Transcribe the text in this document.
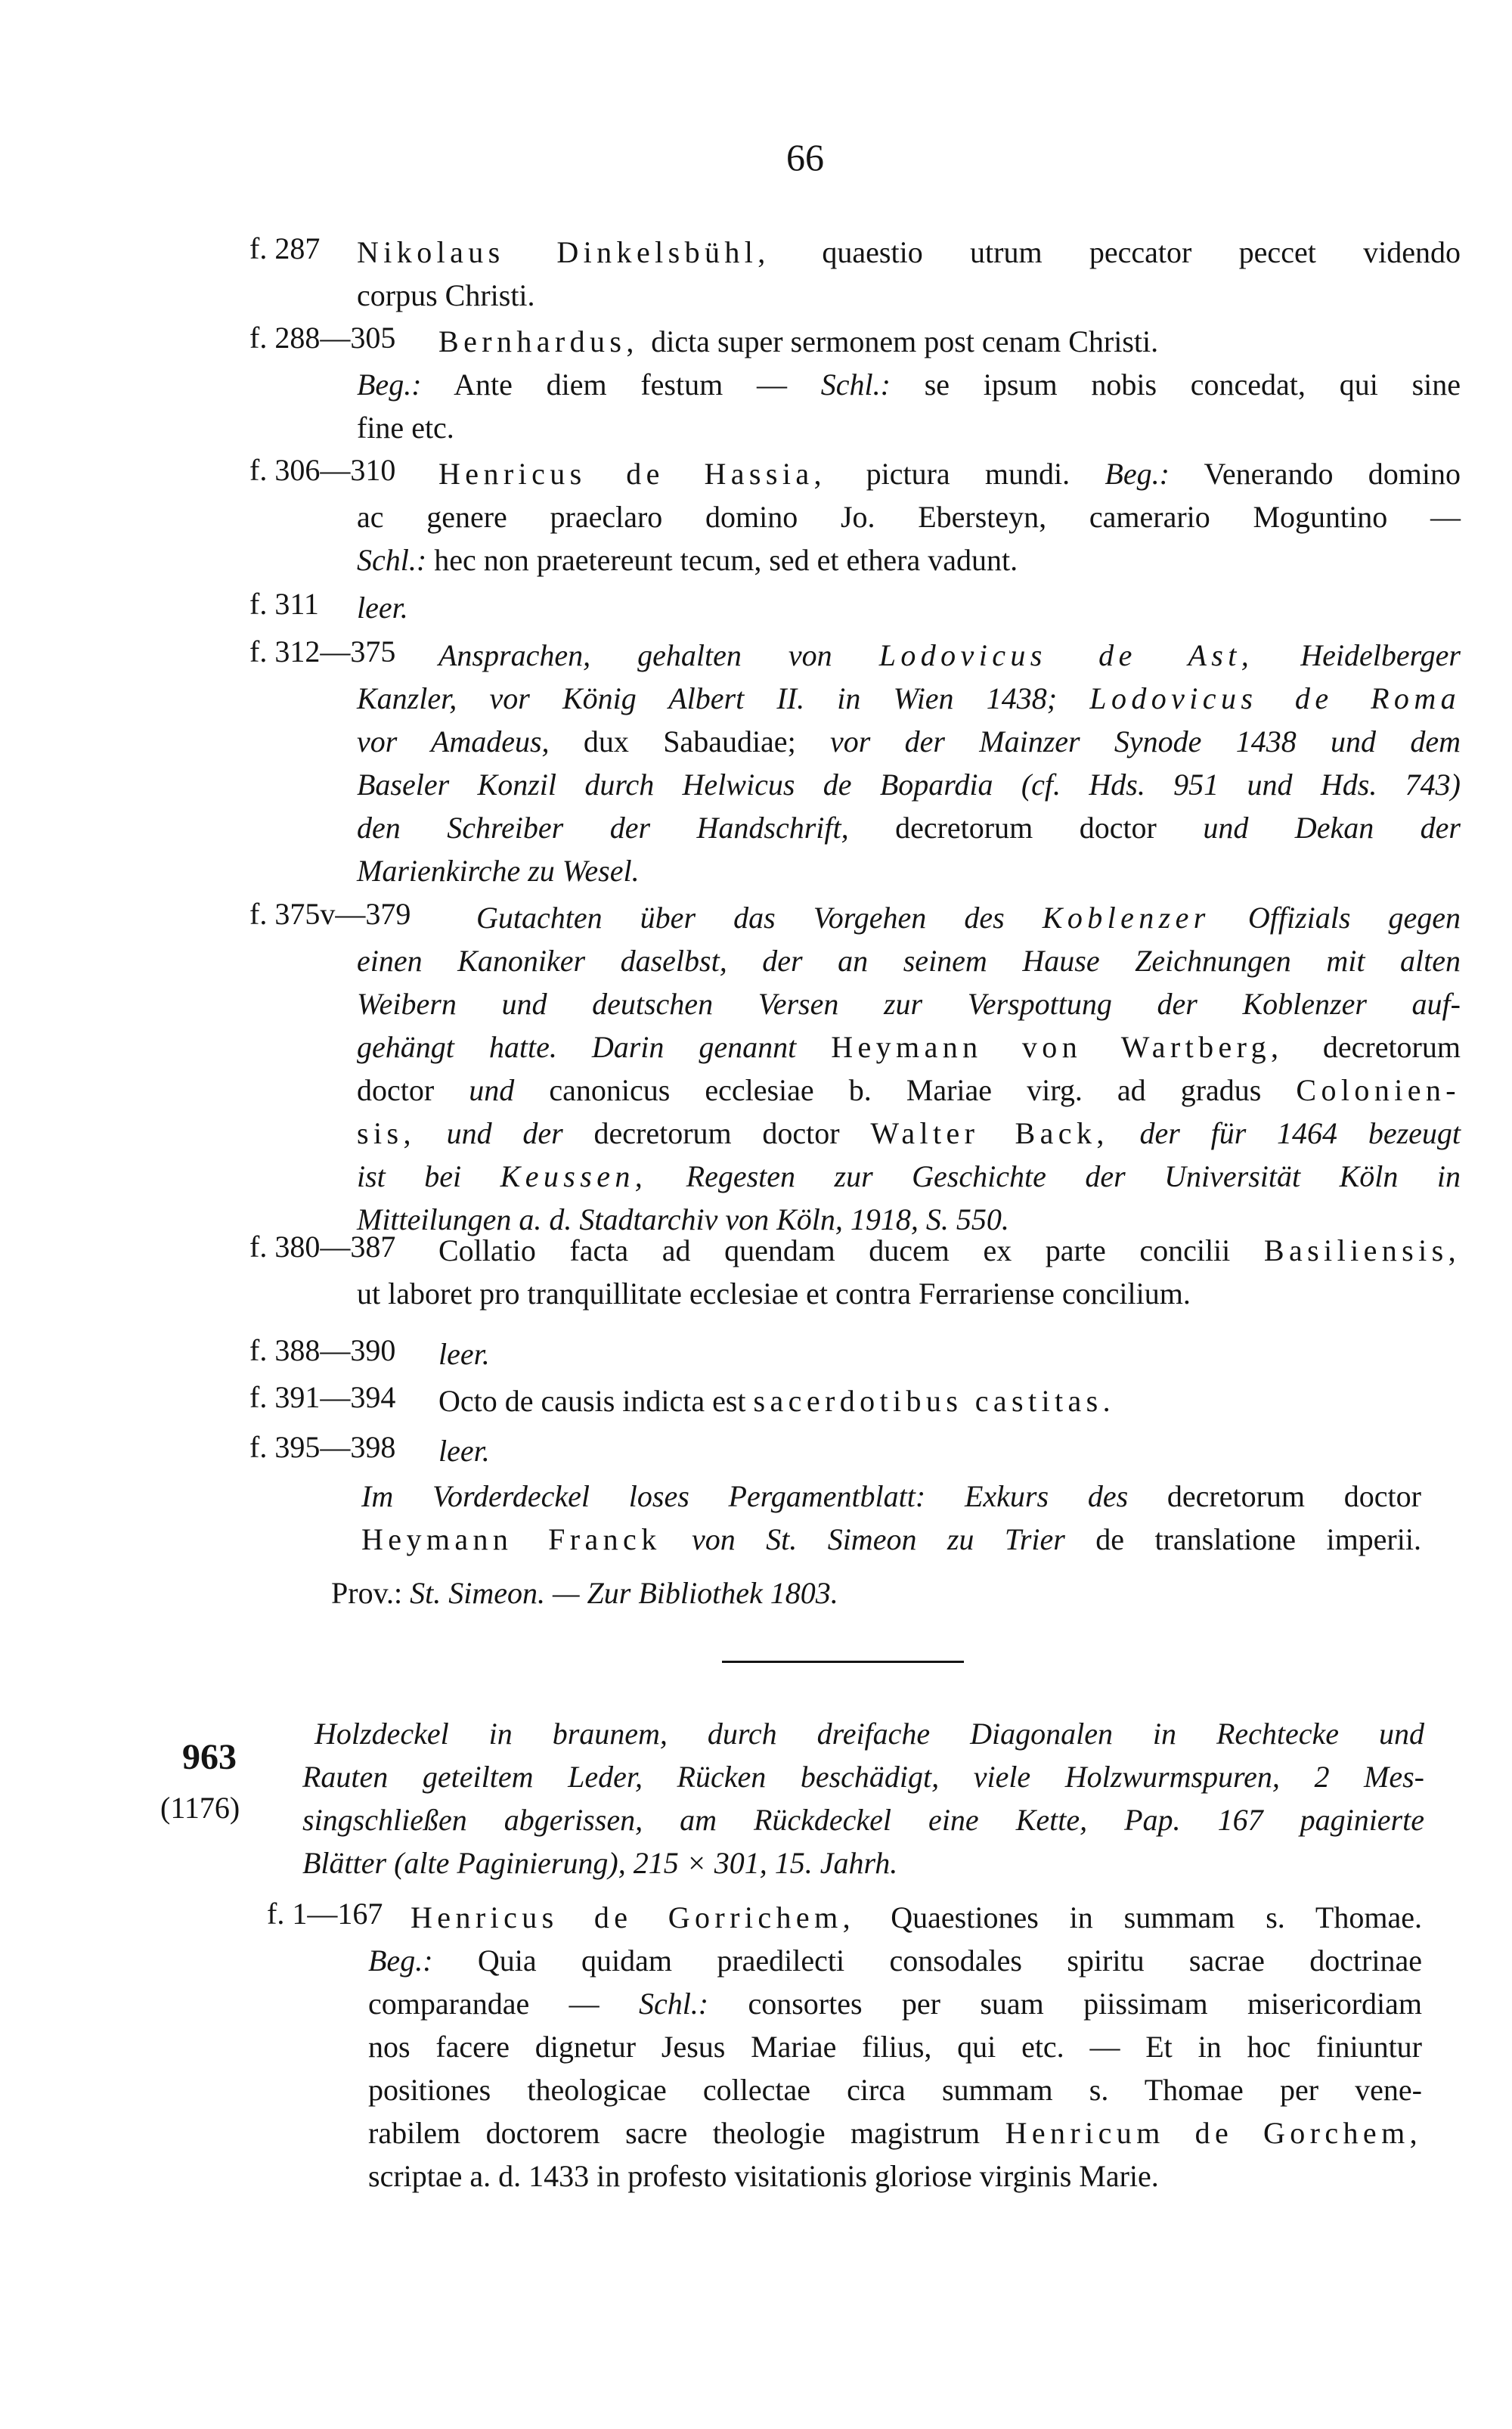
66
f. 287 Nikolaus Dinkelsbühl, quaestio utrum peccator peccet videndo
corpus Christi.
f. 288—305 Bernhardus, dicta super sermonem post cenam Christi.
Beg.: Ante diem festum — Schl.: se ipsum nobis concedat, qui sine
fine etc.
f. 306—310 Henricus de Hassia, pictura mundi. Beg.: Venerando domino
ac genere praeclaro domino Jo. Ebersteyn, camerario Moguntino —
Schl.: hec non praetereunt tecum, sed et ethera vadunt.
f. 311 leer.
f. 312—375 Ansprachen, gehalten von Lodovicus de Ast, Heidelberger
Kanzler, vor König Albert II. in Wien 1438; Lodovicus de Roma
vor Amadeus, dux Sabaudiae; vor der Mainzer Synode 1438 und dem
Baseler Konzil durch Helwicus de Bopardia (cf. Hds. 951 und Hds. 743)
den Schreiber der Handschrift, decretorum doctor und Dekan der
Marienkirche zu Wesel.
f. 375v—379 Gutachten über das Vorgehen des Koblenzer Offizials gegen
einen Kanoniker daselbst, der an seinem Hause Zeichnungen mit alten
Weibern und deutschen Versen zur Verspottung der Koblenzer auf-
gehängt hatte. Darin genannt Heymann von Wartberg, decretorum
doctor und canonicus ecclesiae b. Mariae virg. ad gradus Colonien-
sis, und der decretorum doctor Walter Back, der für 1464 bezeugt
ist bei Keussen, Regesten zur Geschichte der Universität Köln in
Mitteilungen a. d. Stadtarchiv von Köln, 1918, S. 550.
f. 380—387 Collatio facta ad quendam ducem ex parte concilii Basiliensis,
ut laboret pro tranquillitate ecclesiae et contra Ferrariense concilium.
f. 388—390 leer.
f. 391—394 Octo de causis indicta est sacerdotibus castitas.
f. 395—398 leer.
Im Vorderdeckel loses Pergamentblatt: Exkurs des decretorum doctor
Heymann Franck von St. Simeon zu Trier de translatione imperii.
Prov.: St. Simeon. — Zur Bibliothek 1803.
963
(1176)
Holzdeckel in braunem, durch dreifache Diagonalen in Rechtecke und
Rauten geteiltem Leder, Rücken beschädigt, viele Holzwurmspuren, 2 Mes-
singschließen abgerissen, am Rückdeckel eine Kette, Pap. 167 paginierte
Blätter (alte Paginierung), 215 × 301, 15. Jahrh.
f. 1—167 Henricus de Gorrichem, Quaestiones in summam s. Thomae.
Beg.: Quia quidam praedilecti consodales spiritu sacrae doctrinae
comparandae — Schl.: consortes per suam piissimam misericordiam
nos facere dignetur Jesus Mariae filius, qui etc. — Et in hoc finiuntur
positiones theologicae collectae circa summam s. Thomae per vene-
rabilem doctorem sacre theologie magistrum Henricum de Gorchem,
scriptae a. d. 1433 in profesto visitationis gloriose virginis Marie.
